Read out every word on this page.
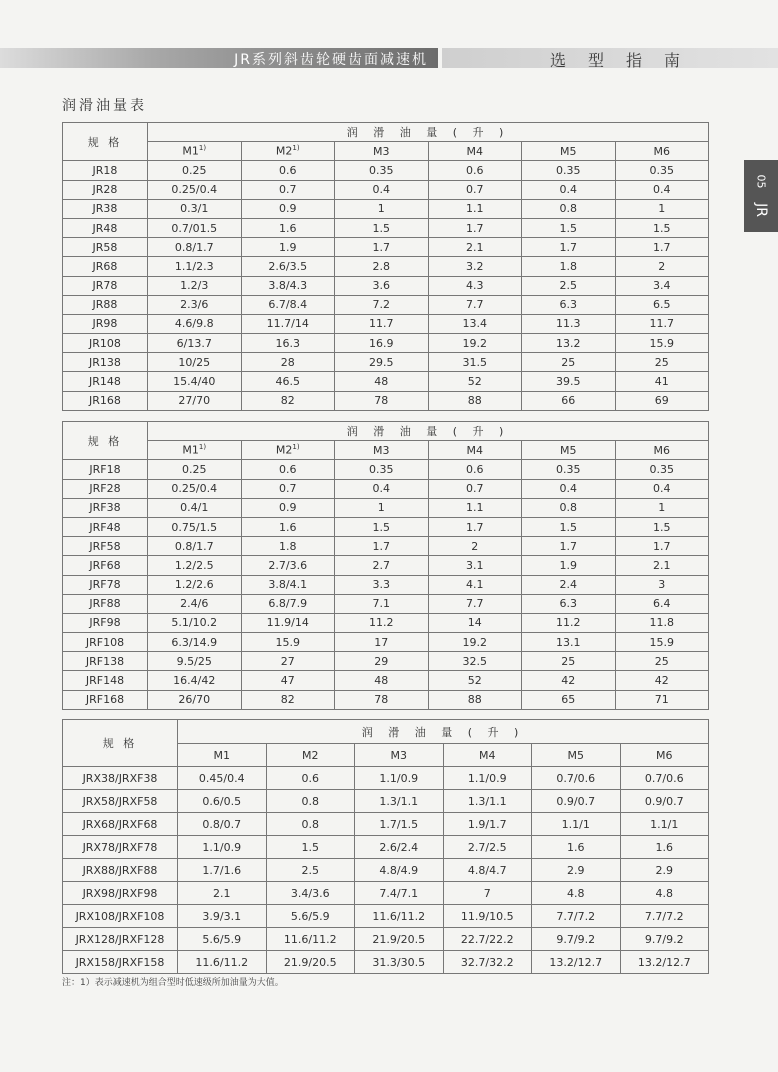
JR系列斜齿轮硬齿面减速机	选型指南
05
JR
润滑油量表
规 格	润 滑 油 量 ( 升 )					
	M1$^{1)}$	M2$^{1)}$	M3	M4	M5	M6
JR18	0.25	0.6	0.35	0.6	0.35	0.35
JR28	0.25/0.4	0.7	0.4	0.7	0.4	0.4
JR38	0.3/1	0.9	1	1.1	0.8	1
JR48	0.7/01.5	1.6	1.5	1.7	1.5	1.5
JR58	0.8/1.7	1.9	1.7	2.1	1.7	1.7
JR68	1.1/2.3	2.6/3.5	2.8	3.2	1.8	2
JR78	1.2/3	3.8/4.3	3.6	4.3	2.5	3.4
JR88	2.3/6	6.7/8.4	7.2	7.7	6.3	6.5
JR98	4.6/9.8	11.7/14	11.7	13.4	11.3	11.7
JR108	6/13.7	16.3	16.9	19.2	13.2	15.9
JR138	10/25	28	29.5	31.5	25	25
JR148	15.4/40	46.5	48	52	39.5	41
JR168	27/70	82	78	88	66	69
规 格	润 滑 油 量 ( 升 )					
	M1$^{1)}$	M2$^{1)}$	M3	M4	M5	M6
JRF18	0.25	0.6	0.35	0.6	0.35	0.35
JRF28	0.25/0.4	0.7	0.4	0.7	0.4	0.4
JRF38	0.4/1	0.9	1	1.1	0.8	1
JRF48	0.75/1.5	1.6	1.5	1.7	1.5	1.5
JRF58	0.8/1.7	1.8	1.7	2	1.7	1.7
JRF68	1.2/2.5	2.7/3.6	2.7	3.1	1.9	2.1
JRF78	1.2/2.6	3.8/4.1	3.3	4.1	2.4	3
JRF88	2.4/6	6.8/7.9	7.1	7.7	6.3	6.4
JRF98	5.1/10.2	11.9/14	11.2	14	11.2	11.8
JRF108	6.3/14.9	15.9	17	19.2	13.1	15.9
JRF138	9.5/25	27	29	32.5	25	25
JRF148	16.4/42	47	48	52	42	42
JRF168	26/70	82	78	88	65	71
规 格	润 滑 油 量 ( 升 )					
	M1	M2	M3	M4	M5	M6
JRX38/JRXF38	0.45/0.4	0.6	1.1/0.9	1.1/0.9	0.7/0.6	0.7/0.6
JRX58/JRXF58	0.6/0.5	0.8	1.3/1.1	1.3/1.1	0.9/0.7	0.9/0.7
JRX68/JRXF68	0.8/0.7	0.8	1.7/1.5	1.9/1.7	1.1/1	1.1/1
JRX78/JRXF78	1.1/0.9	1.5	2.6/2.4	2.7/2.5	1.6	1.6
JRX88/JRXF88	1.7/1.6	2.5	4.8/4.9	4.8/4.7	2.9	2.9
JRX98/JRXF98	2.1	3.4/3.6	7.4/7.1	7	4.8	4.8
JRX108/JRXF108	3.9/3.1	5.6/5.9	11.6/11.2	11.9/10.5	7.7/7.2	7.7/7.2
JRX128/JRXF128	5.6/5.9	11.6/11.2	21.9/20.5	22.7/22.2	9.7/9.2	9.7/9.2
JRX158/JRXF158	11.6/11.2	21.9/20.5	31.3/30.5	32.7/32.2	13.2/12.7	13.2/12.7
注：1）表示减速机为组合型时低速级所加油量为大值。
